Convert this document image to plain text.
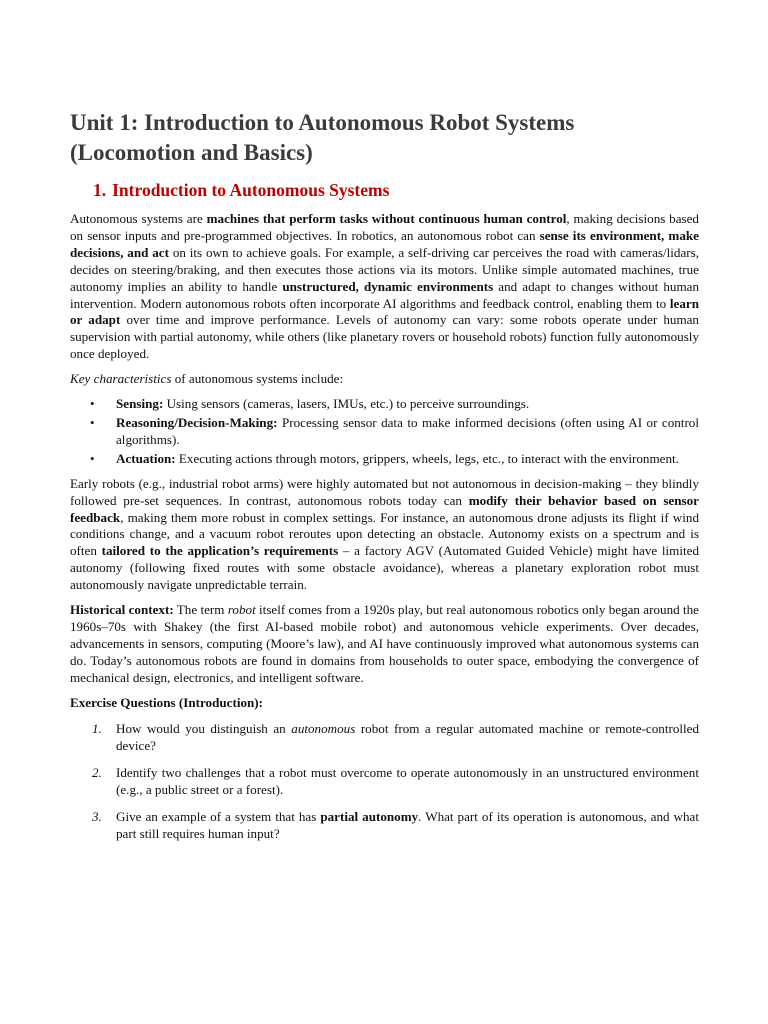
Unit 1: Introduction to Autonomous Robot Systems
(Locomotion and Basics)
1. Introduction to Autonomous Systems

Autonomous systems are machines that perform tasks without continuous human control, making decisions based on sensor inputs and pre-programmed objectives. In robotics, an autonomous robot can sense its environment, make decisions, and act on its own to achieve goals. For example, a self-driving car perceives the road with cameras/lidars, decides on steering/braking, and then executes those actions via its motors. Unlike simple automated machines, true autonomy implies an ability to handle unstructured, dynamic environments and adapt to changes without human intervention. Modern autonomous robots often incorporate AI algorithms and feedback control, enabling them to learn or adapt over time and improve performance. Levels of autonomy can vary: some robots operate under human supervision with partial autonomy, while others (like planetary rovers or household robots) function fully autonomously once deployed.

Key characteristics of autonomous systems include:

• Sensing: Using sensors (cameras, lasers, IMUs, etc.) to perceive surroundings.
• Reasoning/Decision-Making: Processing sensor data to make informed decisions (often using AI or control algorithms).
• Actuation: Executing actions through motors, grippers, wheels, legs, etc., to interact with the environment.

Early robots (e.g., industrial robot arms) were highly automated but not autonomous in decision-making – they blindly followed pre-set sequences. In contrast, autonomous robots today can modify their behavior based on sensor feedback, making them more robust in complex settings. For instance, an autonomous drone adjusts its flight if wind conditions change, and a vacuum robot reroutes upon detecting an obstacle. Autonomy exists on a spectrum and is often tailored to the application’s requirements – a factory AGV (Automated Guided Vehicle) might have limited autonomy (following fixed routes with some obstacle avoidance), whereas a planetary exploration robot must autonomously navigate unpredictable terrain.

Historical context: The term robot itself comes from a 1920s play, but real autonomous robotics only began around the 1960s–70s with Shakey (the first AI-based mobile robot) and autonomous vehicle experiments. Over decades, advancements in sensors, computing (Moore’s law), and AI have continuously improved what autonomous systems can do. Today’s autonomous robots are found in domains from households to outer space, embodying the convergence of mechanical design, electronics, and intelligent software.

Exercise Questions (Introduction):

1. How would you distinguish an autonomous robot from a regular automated machine or remote-controlled device?
2. Identify two challenges that a robot must overcome to operate autonomously in an unstructured environment (e.g., a public street or a forest).
3. Give an example of a system that has partial autonomy. What part of its operation is autonomous, and what part still requires human input?
